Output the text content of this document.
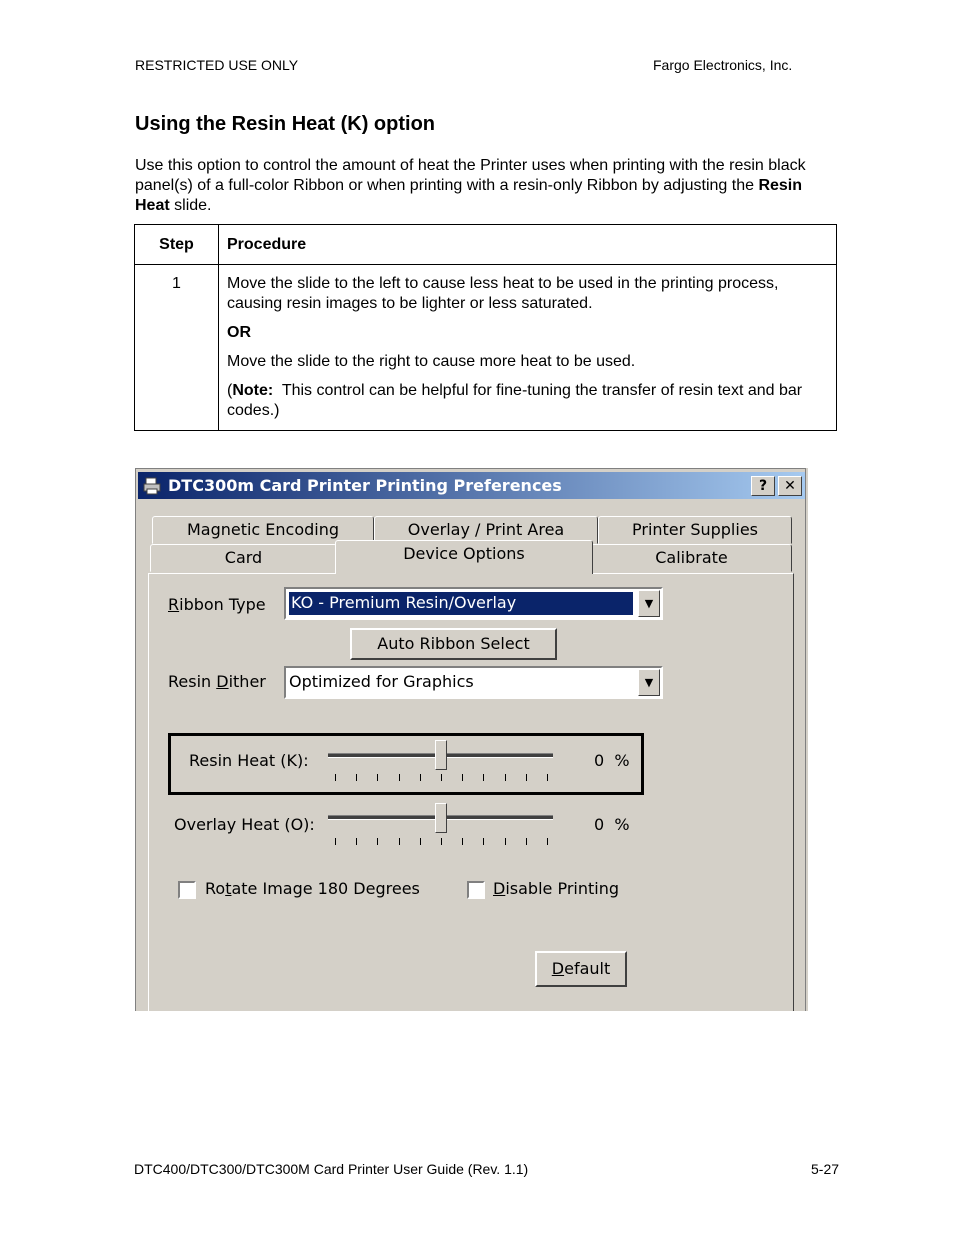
RESTRICTED USE ONLY	Fargo Electronics, Inc.
Using the Resin Heat (K) option

Use this option to control the amount of heat the Printer uses when printing with the resin black panel(s) of a full-color Ribbon or when printing with a resin-only Ribbon by adjusting the Resin Heat slide.

Step	Procedure
1	Move the slide to the left to cause less heat to be used in the printing process, causing resin images to be lighter or less saturated.

OR

Move the slide to the right to cause more heat to be used.

(Note:  This control can be helpful for fine-tuning the transfer of resin text and bar codes.)

DTC300m Card Printer Printing Preferences	?	✕
Magnetic Encoding	Overlay / Print Area	Printer Supplies
Card	Device Options	Calibrate
Ribbon Type KO - Premium Resin/Overlay	▼
Auto Ribbon Select
Resin Dither Optimized for Graphics	▼
Resin Heat (K):	0 %
Overlay Heat (O):	0 %
Rotate Image 180 Degrees	Disable Printing
Default
DTC400/DTC300/DTC300M Card Printer User Guide (Rev. 1.1)	5-27
